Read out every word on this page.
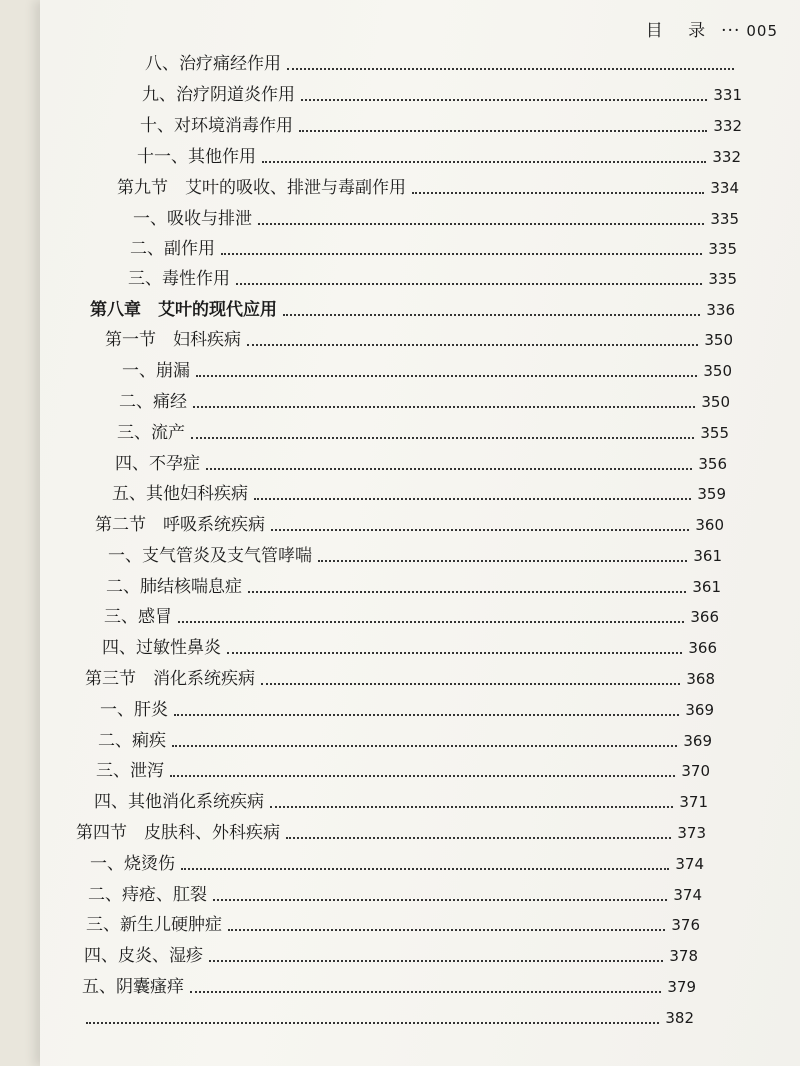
目 录 ··· 005
八、治疗痛经作用
九、治疗阴道炎作用	331
十、对环境消毒作用	332
十一、其他作用	332
第九节　艾叶的吸收、排泄与毒副作用	334
一、吸收与排泄	335
二、副作用	335
三、毒性作用	335
第八章　艾叶的现代应用	336
第一节　妇科疾病	350
一、崩漏	350
二、痛经	350
三、流产	355
四、不孕症	356
五、其他妇科疾病	359
第二节　呼吸系统疾病	360
一、支气管炎及支气管哮喘	361
二、肺结核喘息症	361
三、感冒	366
四、过敏性鼻炎	366
第三节　消化系统疾病	368
一、肝炎	369
二、痢疾	369
三、泄泻	370
四、其他消化系统疾病	371
第四节　皮肤科、外科疾病	373
一、烧烫伤	374
二、痔疮、肛裂	374
三、新生儿硬肿症	376
四、皮炎、湿疹	378
五、阴囊瘙痒	379
382
